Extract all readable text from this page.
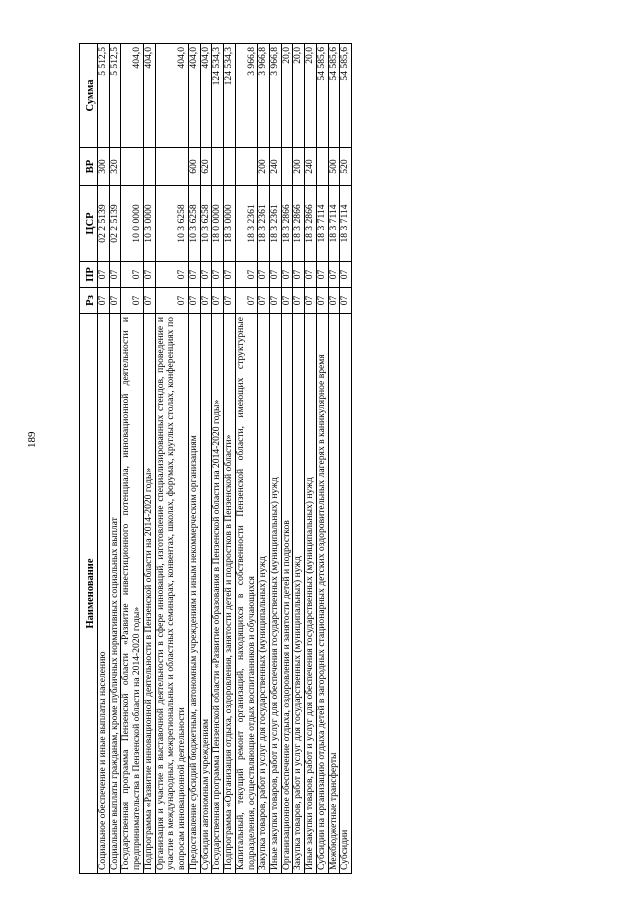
189
Наименование	Рз	ПР	ЦСР	ВР	Сумма
Социальное обеспечение и иные выплаты населению	07	07	02 2 5139	300	5 512,5
Социальные выплаты гражданам, кроме публичных нормативных социальных выплат	07	07	02 2 5139	320	5 512,5
Государственная программа Пензенской области «Развитие инвестиционного потенциала, инновационной деятельности и предпринимательства в Пензенской области на 2014-2020 годы»	07	07	10 0 0000		404,0
Подпрограмма «Развитие инновационной деятельности в Пензенской области на 2014-2020 годы»	07	07	10 3 0000		404,0
Организация и участие в выставочной деятельности в сфере инноваций, изготовление специализированных стендов, проведение и участие в международных, межрегиональных и областных семинарах, конвентах, школах, форумах, круглых столах, конференциях по вопросам инновационной деятельности	07	07	10 3 6258		404,0
Предоставление субсидий бюджетным, автономным учреждениям и иным некоммерческим организациям	07	07	10 3 6258	600	404,0
Субсидии автономным учреждениям	07	07	10 3 6258	620	404,0
Государственная программа Пензенской области «Развитие образования в Пензенской области на 2014-2020 годы»	07	07	18 0 0000		124 534,3
Подпрограмма «Организация отдыха, оздоровления, занятости детей и подростков в Пензенской области»	07	07	18 3 0000		124 534,3
Капитальный, текущий ремонт организаций, находящихся в собственности Пензенской области, имеющих структурные подразделения, осуществляющие отдых воспитанников и обучающихся	07	07	18 3 2361		3 966,8
Закупка товаров, работ и услуг для государственных (муниципальных) нужд	07	07	18 3 2361	200	3 966,8
Иные закупки товаров, работ и услуг для обеспечения государственных (муниципальных) нужд	07	07	18 3 2361	240	3 966,8
Организационное обеспечение отдыха, оздоровления и занятости детей и подростков	07	07	18 3 2866		20,0
Закупка товаров, работ и услуг для государственных (муниципальных) нужд	07	07	18 3 2866	200	20,0
Иные закупки товаров, работ и услуг для обеспечения государственных (муниципальных) нужд	07	07	18 3 2866	240	20,0
Субсидии на организацию отдыха детей в загородных стационарных детских оздоровительных лагерях в каникулярное время	07	07	18 3 7114		54 585,6
Межбюджетные трансферты	07	07	18 3 7114	500	54 585,6
Субсидии	07	07	18 3 7114	520	54 585,6
